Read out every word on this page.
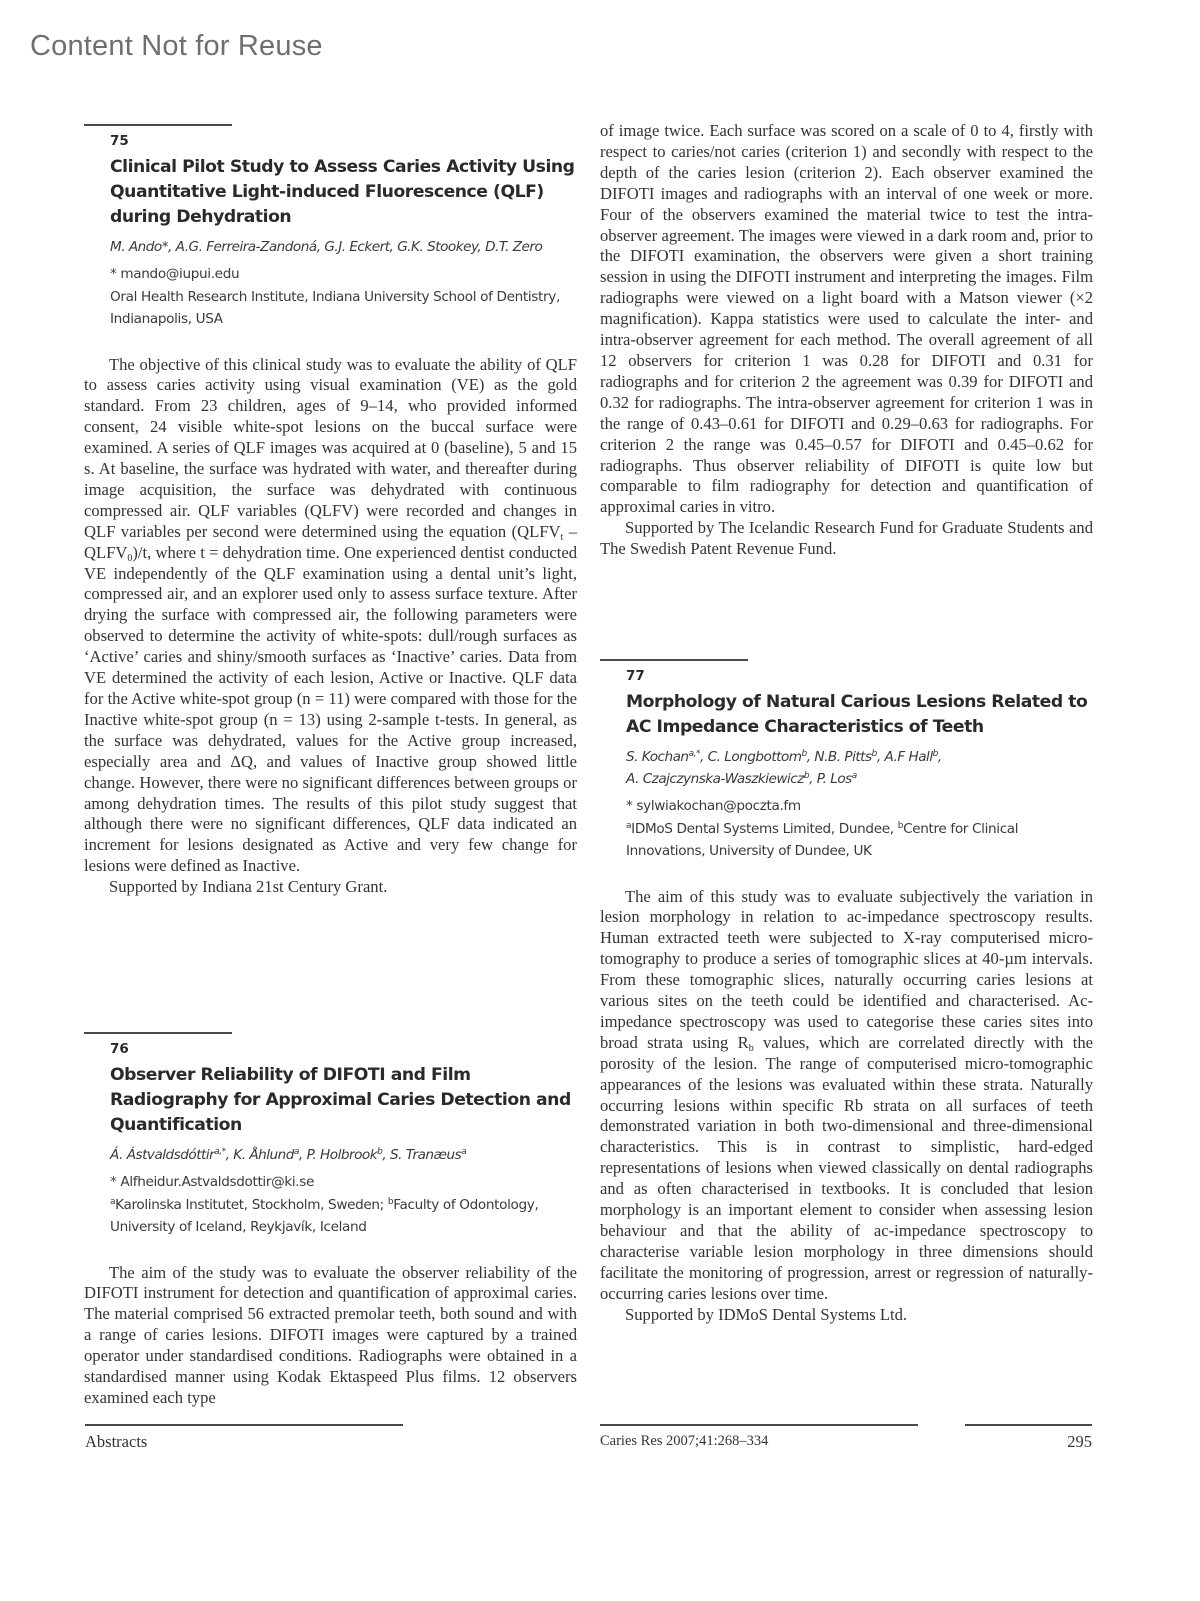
Content Not for Reuse
75
Clinical Pilot Study to Assess Caries Activity Using Quantitative Light-induced Fluorescence (QLF) during Dehydration
M. Ando*, A.G. Ferreira-Zandoná, G.J. Eckert, G.K. Stookey, D.T. Zero
* mando@iupui.edu
Oral Health Research Institute, Indiana University School of Dentistry, Indianapolis, USA

The objective of this clinical study was to evaluate the ability of QLF to assess caries activity using visual examination (VE) as the gold standard. From 23 children, ages of 9–14, who provided informed consent, 24 visible white-spot lesions on the buccal surface were examined. A series of QLF images was acquired at 0 (baseline), 5 and 15 s. At baseline, the surface was hydrated with water, and thereafter during image acquisition, the surface was dehydrated with continuous compressed air. QLF variables (QLFV) were recorded and changes in QLF variables per second were determined using the equation ($QLFV_t$ – $QLFV_0)/t$, where t = dehydration time. One experienced dentist conducted VE independently of the QLF examination using a dental unit’s light, compressed air, and an explorer used only to assess surface texture. After drying the surface with compressed air, the following parameters were observed to determine the activity of white-spots: dull/rough surfaces as ‘Active’ caries and shiny/smooth surfaces as ‘Inactive’ caries. Data from VE determined the activity of each lesion, Active or Inactive. QLF data for the Active white-spot group (n = 11) were compared with those for the Inactive white-spot group (n = 13) using 2-sample t-tests. In general, as the surface was dehydrated, values for the Active group increased, especially area and ΔQ, and values of Inactive group showed little change. However, there were no significant differences between groups or among dehydration times. The results of this pilot study suggest that although there were no significant differences, QLF data indicated an increment for lesions designated as Active and very few change for lesions were defined as Inactive.

Supported by Indiana 21st Century Grant.

76
Observer Reliability of DIFOTI and Film Radiography for Approximal Caries Detection and Quantification
Á. Ástvaldsdóttir$^{a,*}$, K. Åhlund$^a$, P. Holbrook$^b$, S. Tranæus$^a$
* Alfheidur.Astvaldsdottir@ki.se
$^a$Karolinska Institutet, Stockholm, Sweden; $^b$Faculty of Odontology, University of Iceland, Reykjavík, Iceland

The aim of the study was to evaluate the observer reliability of the DIFOTI instrument for detection and quantification of approximal caries. The material comprised 56 extracted premolar teeth, both sound and with a range of caries lesions. DIFOTI images were captured by a trained operator under standardised conditions. Radiographs were obtained in a standardised manner using Kodak Ektaspeed Plus films. 12 observers examined each type

of image twice. Each surface was scored on a scale of 0 to 4, firstly with respect to caries/not caries (criterion 1) and secondly with respect to the depth of the caries lesion (criterion 2). Each observer examined the DIFOTI images and radiographs with an interval of one week or more. Four of the observers examined the material twice to test the intra-observer agreement. The images were viewed in a dark room and, prior to the DIFOTI examination, the observers were given a short training session in using the DIFOTI instrument and interpreting the images. Film radiographs were viewed on a light board with a Matson viewer (×2 magnification). Kappa statistics were used to calculate the inter- and intra-observer agreement for each method. The overall agreement of all 12 observers for criterion 1 was 0.28 for DIFOTI and 0.31 for radiographs and for criterion 2 the agreement was 0.39 for DIFOTI and 0.32 for radiographs. The intra-observer agreement for criterion 1 was in the range of 0.43–0.61 for DIFOTI and 0.29–0.63 for radiographs. For criterion 2 the range was 0.45–0.57 for DIFOTI and 0.45–0.62 for radiographs. Thus observer reliability of DIFOTI is quite low but comparable to film radiography for detection and quantification of approximal caries in vitro.

Supported by The Icelandic Research Fund for Graduate Students and The Swedish Patent Revenue Fund.

77
Morphology of Natural Carious Lesions Related to AC Impedance Characteristics of Teeth
S. Kochan$^{a,*}$, C. Longbottom$^b$, N.B. Pitts$^b$, A.F Hall$^b$,
A. Czajczynska-Waszkiewicz$^b$, P. Los$^a$
* sylwiakochan@poczta.fm
$^a$IDMoS Dental Systems Limited, Dundee, $^b$Centre for Clinical Innovations, University of Dundee, UK

The aim of this study was to evaluate subjectively the variation in lesion morphology in relation to ac-impedance spectroscopy results. Human extracted teeth were subjected to X-ray computerised micro-tomography to produce a series of tomographic slices at 40-µm intervals. From these tomographic slices, naturally occurring caries lesions at various sites on the teeth could be identified and characterised. Ac-impedance spectroscopy was used to categorise these caries sites into broad strata using $R_b$ values, which are correlated directly with the porosity of the lesion. The range of computerised micro-tomographic appearances of the lesions was evaluated within these strata. Naturally occurring lesions within specific Rb strata on all surfaces of teeth demonstrated variation in both two-dimensional and three-dimensional characteristics. This is in contrast to simplistic, hard-edged representations of lesions when viewed classically on dental radiographs and as often characterised in textbooks. It is concluded that lesion morphology is an important element to consider when assessing lesion behaviour and that the ability of ac-impedance spectroscopy to characterise variable lesion morphology in three dimensions should facilitate the monitoring of progression, arrest or regression of naturally-occurring caries lesions over time.

Supported by IDMoS Dental Systems Ltd.

Abstracts	Caries Res 2007;41:268–334	295
